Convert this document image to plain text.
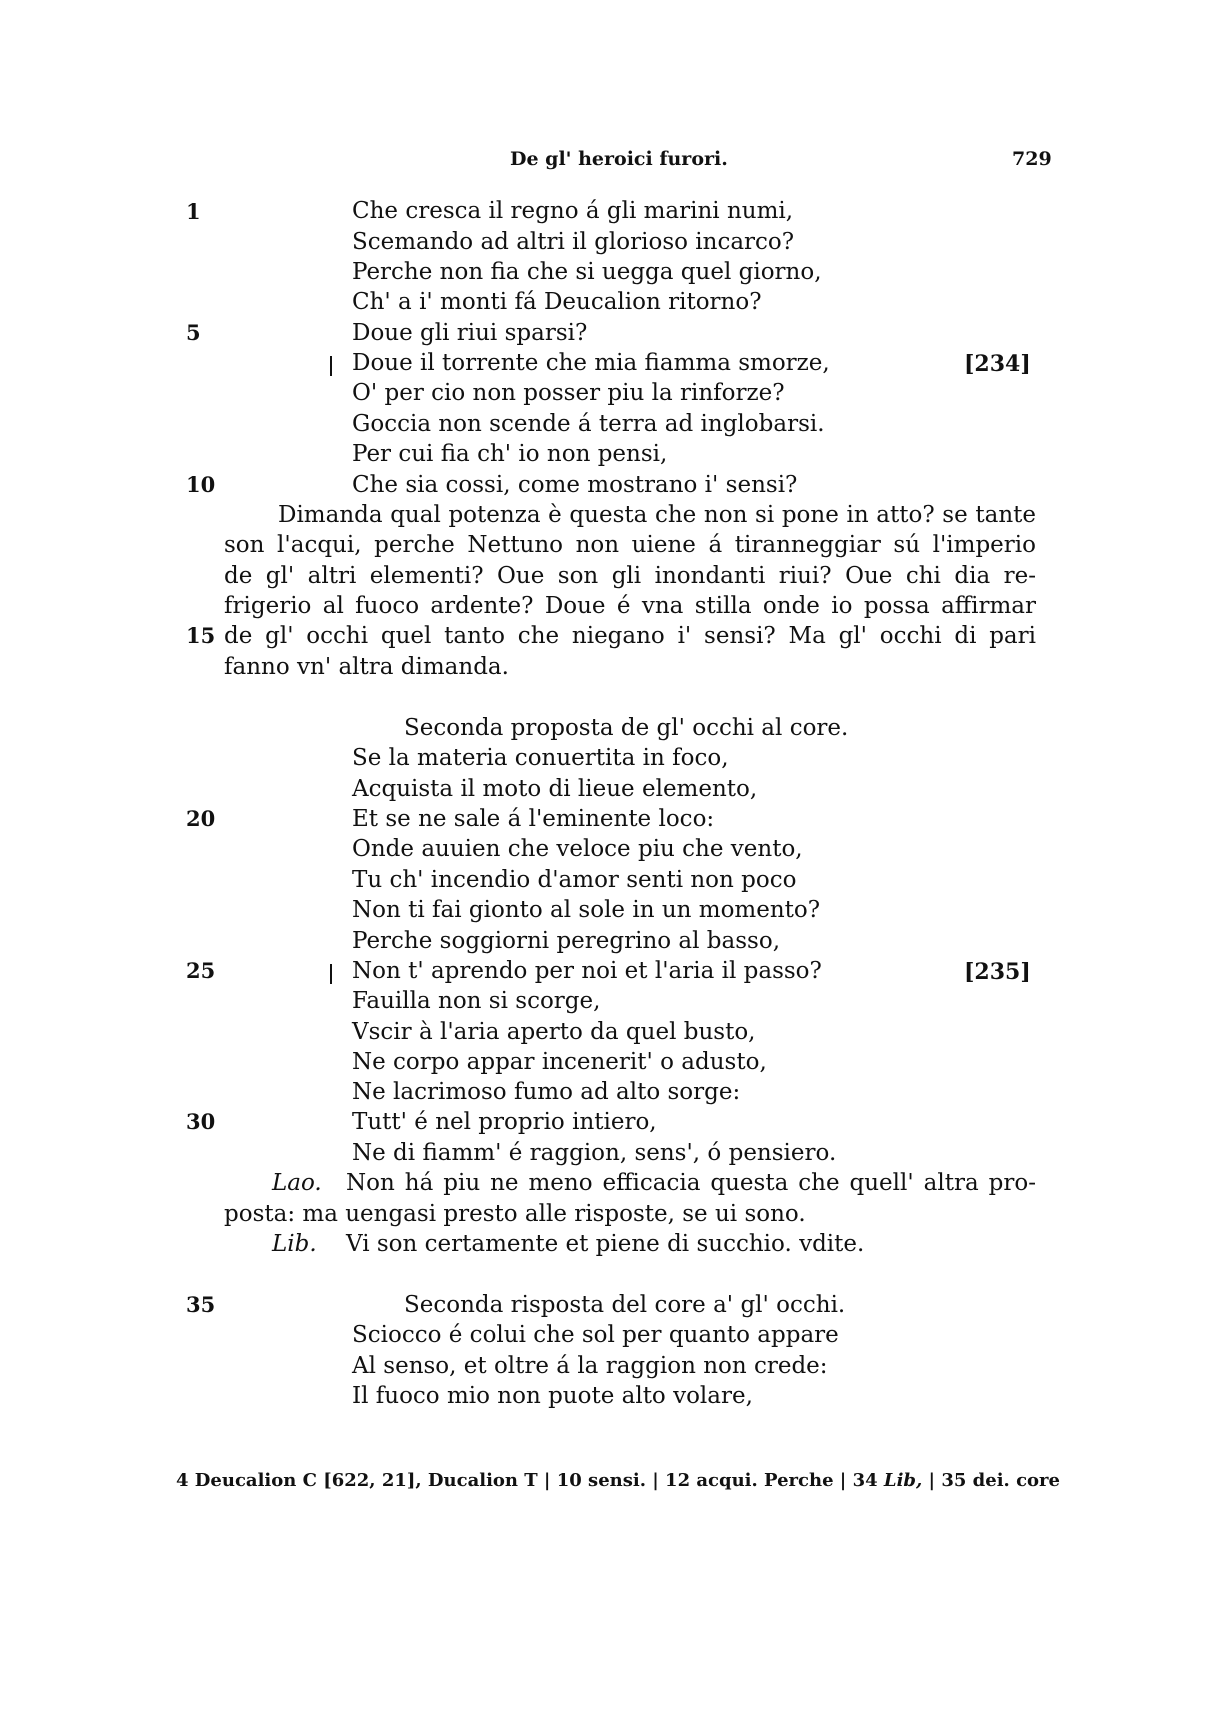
De gl' heroici furori.	729
1
5
10
15
20
25
30
35
Che cresca il regno á gli marini numi,
Scemando ad altri il glorioso incarco?
Perche non fia che si uegga quel giorno,
Ch' a i' monti fá Deucalion ritorno?
Doue gli riui sparsi?
Doue il torrente che mia fiamma smorze,	[234]
O' per cio non posser piu la rinforze?
Goccia non scende á terra ad inglobarsi.
Per cui fia ch' io non pensi,
Che sia cossi, come mostrano i' sensi?
Dimanda qual potenza è questa che non si pone in atto? se tante
son l'acqui, perche Nettuno non uiene á tiranneggiar sú l'imperio
de gl' altri elementi? Oue son gli inondanti riui? Oue chi dia re-
frigerio al fuoco ardente? Doue é vna stilla onde io possa affirmar
de gl' occhi quel tanto che niegano i' sensi? Ma gl' occhi di pari
fanno vn' altra dimanda.
Seconda proposta de gl' occhi al core.
Se la materia conuertita in foco,
Acquista il moto di lieue elemento,
Et se ne sale á l'eminente loco:
Onde auuien che veloce piu che vento,
Tu ch' incendio d'amor senti non poco
Non ti fai gionto al sole in un momento?
Perche soggiorni peregrino al basso,
Non t' aprendo per noi et l'aria il passo?	[235]
Fauilla non si scorge,
Vscir à l'aria aperto da quel busto,
Ne corpo appar incenerit' o adusto,
Ne lacrimoso fumo ad alto sorge:
Tutt' é nel proprio intiero,
Ne di fiamm' é raggion, sens', ó pensiero.
Lao. Non há piu ne meno efficacia questa che quell' altra pro-
posta: ma uengasi presto alle risposte, se ui sono.
Lib. Vi son certamente et piene di succhio. vdite.
Seconda risposta del core a' gl' occhi.
Sciocco é colui che sol per quanto appare
Al senso, et oltre á la raggion non crede:
Il fuoco mio non puote alto volare,
4 Deucalion C [622, 21], Ducalion T | 10 sensi. | 12 acqui. Perche | 34 Lib, | 35 dei. core
